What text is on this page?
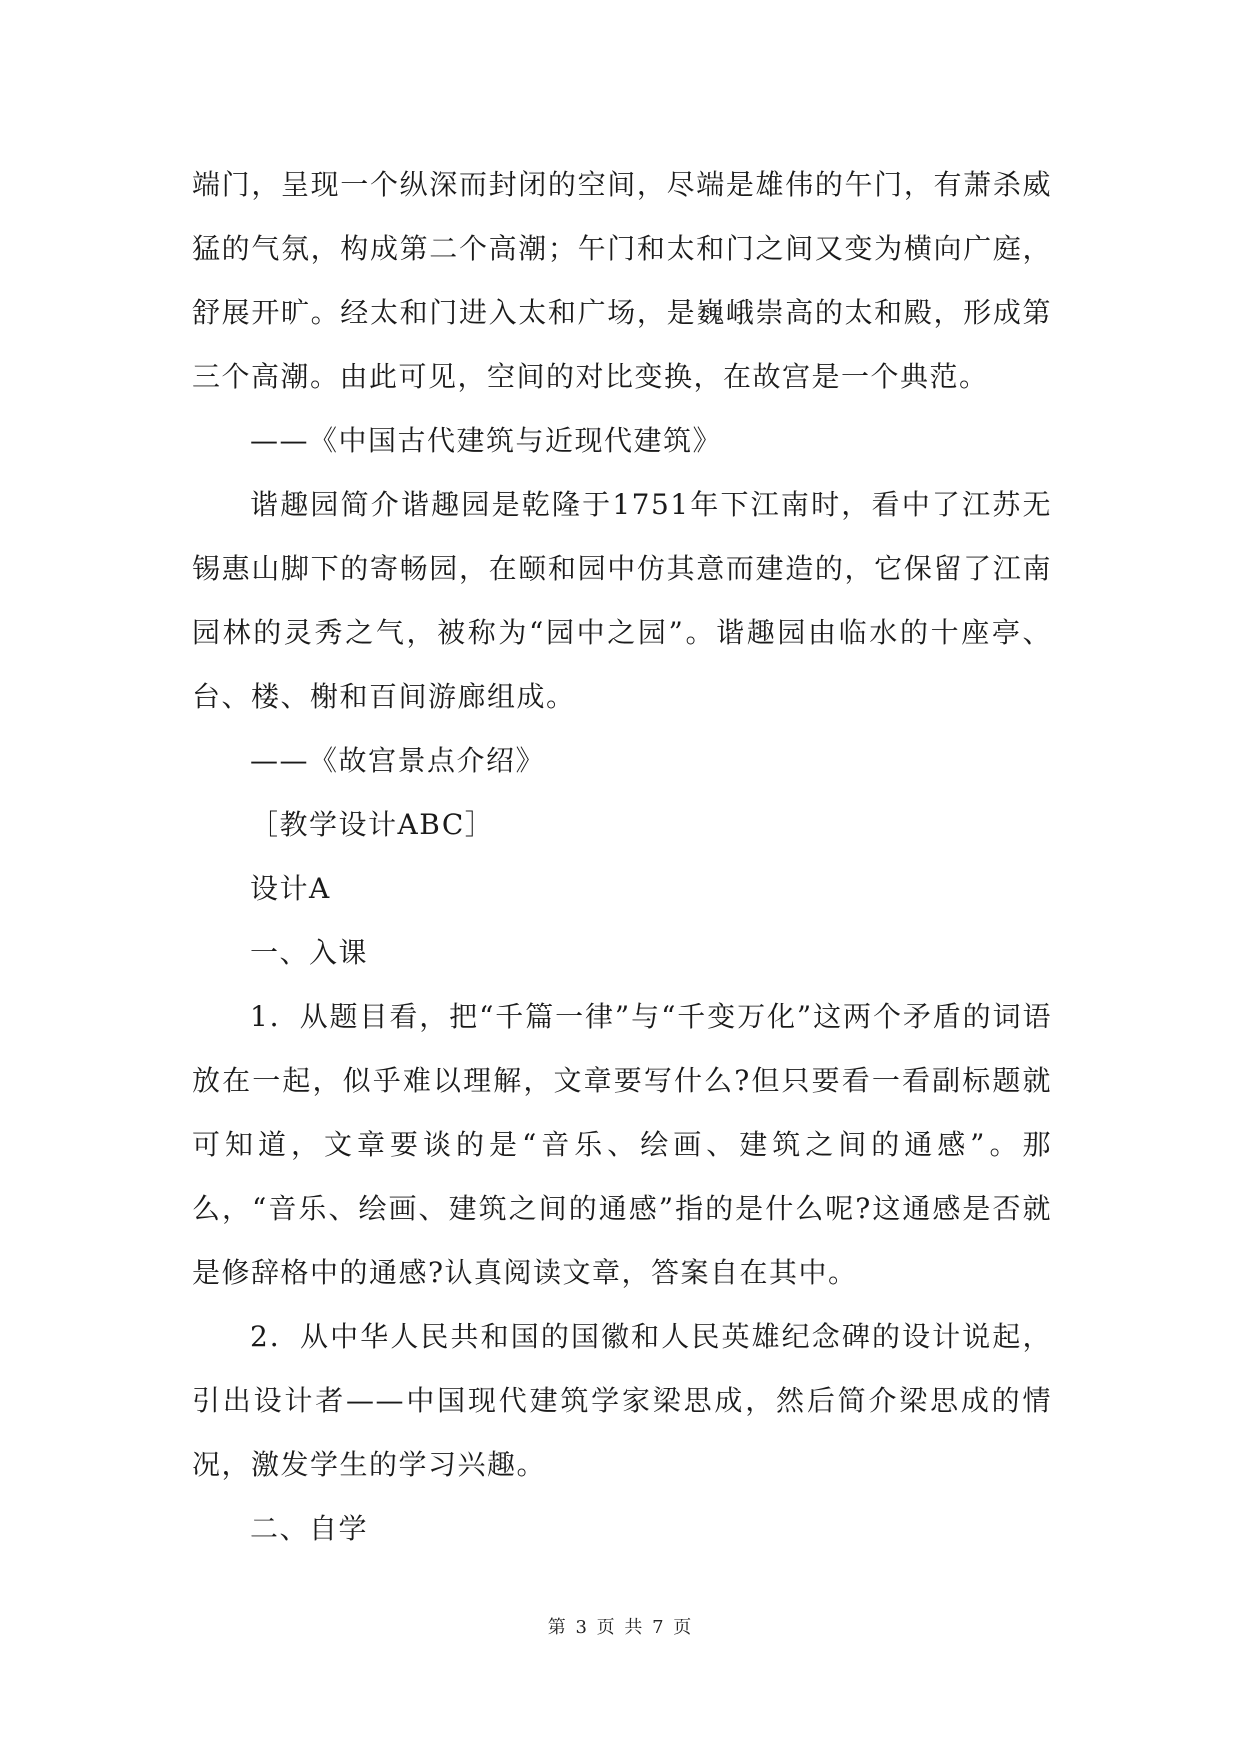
端门，呈现一个纵深而封闭的空间，尽端是雄伟的午门，有萧杀威猛的气氛，构成第二个高潮；午门和太和门之间又变为横向广庭，舒展开旷。经太和门进入太和广场，是巍峨崇高的太和殿，形成第三个高潮。由此可见，空间的对比变换，在故宫是一个典范。

——《中国古代建筑与近现代建筑》

谐趣园简介谐趣园是乾隆于1751年下江南时，看中了江苏无锡惠山脚下的寄畅园，在颐和园中仿其意而建造的，它保留了江南园林的灵秀之气，被称为“园中之园”。谐趣园由临水的十座亭、台、楼、榭和百间游廊组成。

——《故宫景点介绍》

［教学设计ABC］

设计A

一、入课

1．从题目看，把“千篇一律”与“千变万化”这两个矛盾的词语放在一起，似乎难以理解，文章要写什么?但只要看一看副标题就可知道，文章要谈的是“音乐、绘画、建筑之间的通感”。那么，“音乐、绘画、建筑之间的通感”指的是什么呢?这通感是否就是修辞格中的通感?认真阅读文章，答案自在其中。

2．从中华人民共和国的国徽和人民英雄纪念碑的设计说起，引出设计者——中国现代建筑学家梁思成，然后简介梁思成的情况，激发学生的学习兴趣。

二、自学

第 3 页 共 7 页
